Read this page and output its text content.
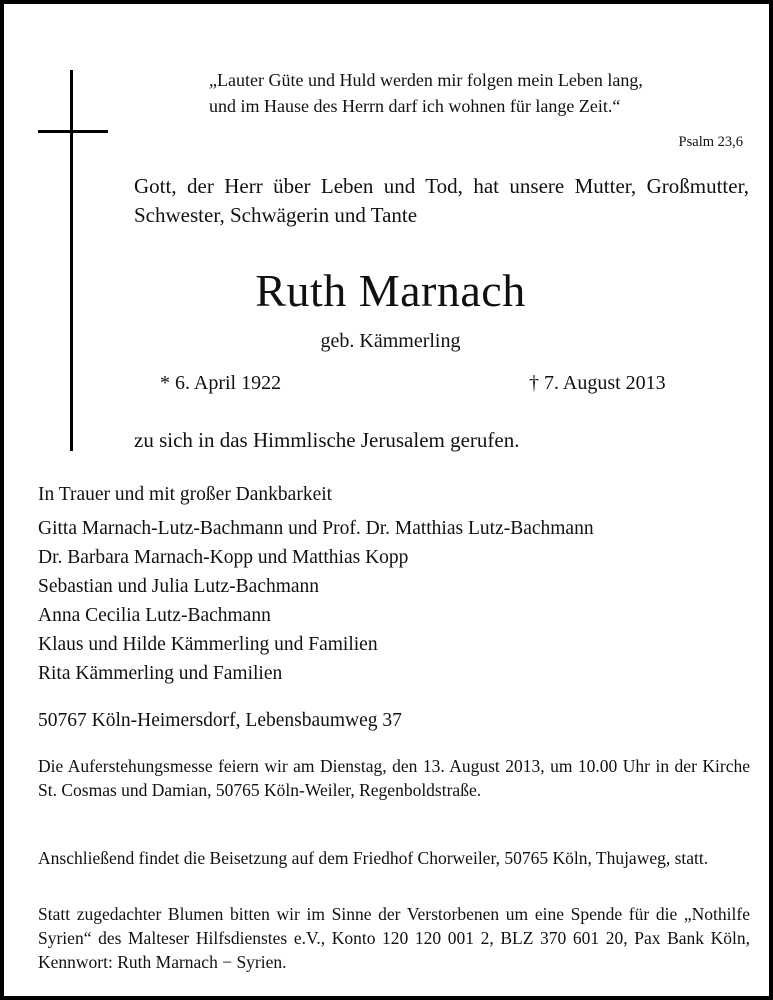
„Lauter Güte und Huld werden mir folgen mein Leben lang,
und im Hause des Herrn darf ich wohnen für lange Zeit.“
Psalm 23,6
Gott, der Herr über Leben und Tod, hat unsere Mutter, Großmutter, Schwester, Schwägerin und Tante
Ruth Marnach
geb. Kämmerling
* 6. April 1922	† 7. August 2013
zu sich in das Himmlische Jerusalem gerufen.
In Trauer und mit großer Dankbarkeit
Gitta Marnach-Lutz-Bachmann und Prof. Dr. Matthias Lutz-Bachmann
Dr. Barbara Marnach-Kopp und Matthias Kopp
Sebastian und Julia Lutz-Bachmann
Anna Cecilia Lutz-Bachmann
Klaus und Hilde Kämmerling und Familien
Rita Kämmerling und Familien
50767 Köln-Heimersdorf, Lebensbaumweg 37
Die Auferstehungsmesse feiern wir am Dienstag, den 13. August 2013, um 10.00 Uhr in der Kirche St. Cosmas und Damian, 50765 Köln-Weiler, Regenboldstraße.
Anschließend findet die Beisetzung auf dem Friedhof Chorweiler, 50765 Köln, Thujaweg, statt.
Statt zugedachter Blumen bitten wir im Sinne der Verstorbenen um eine Spende für die „Nothilfe Syrien“ des Malteser Hilfsdienstes e.V., Konto 120 120 001 2, BLZ 370 601 20, Pax Bank Köln, Kennwort: Ruth Marnach − Syrien.
